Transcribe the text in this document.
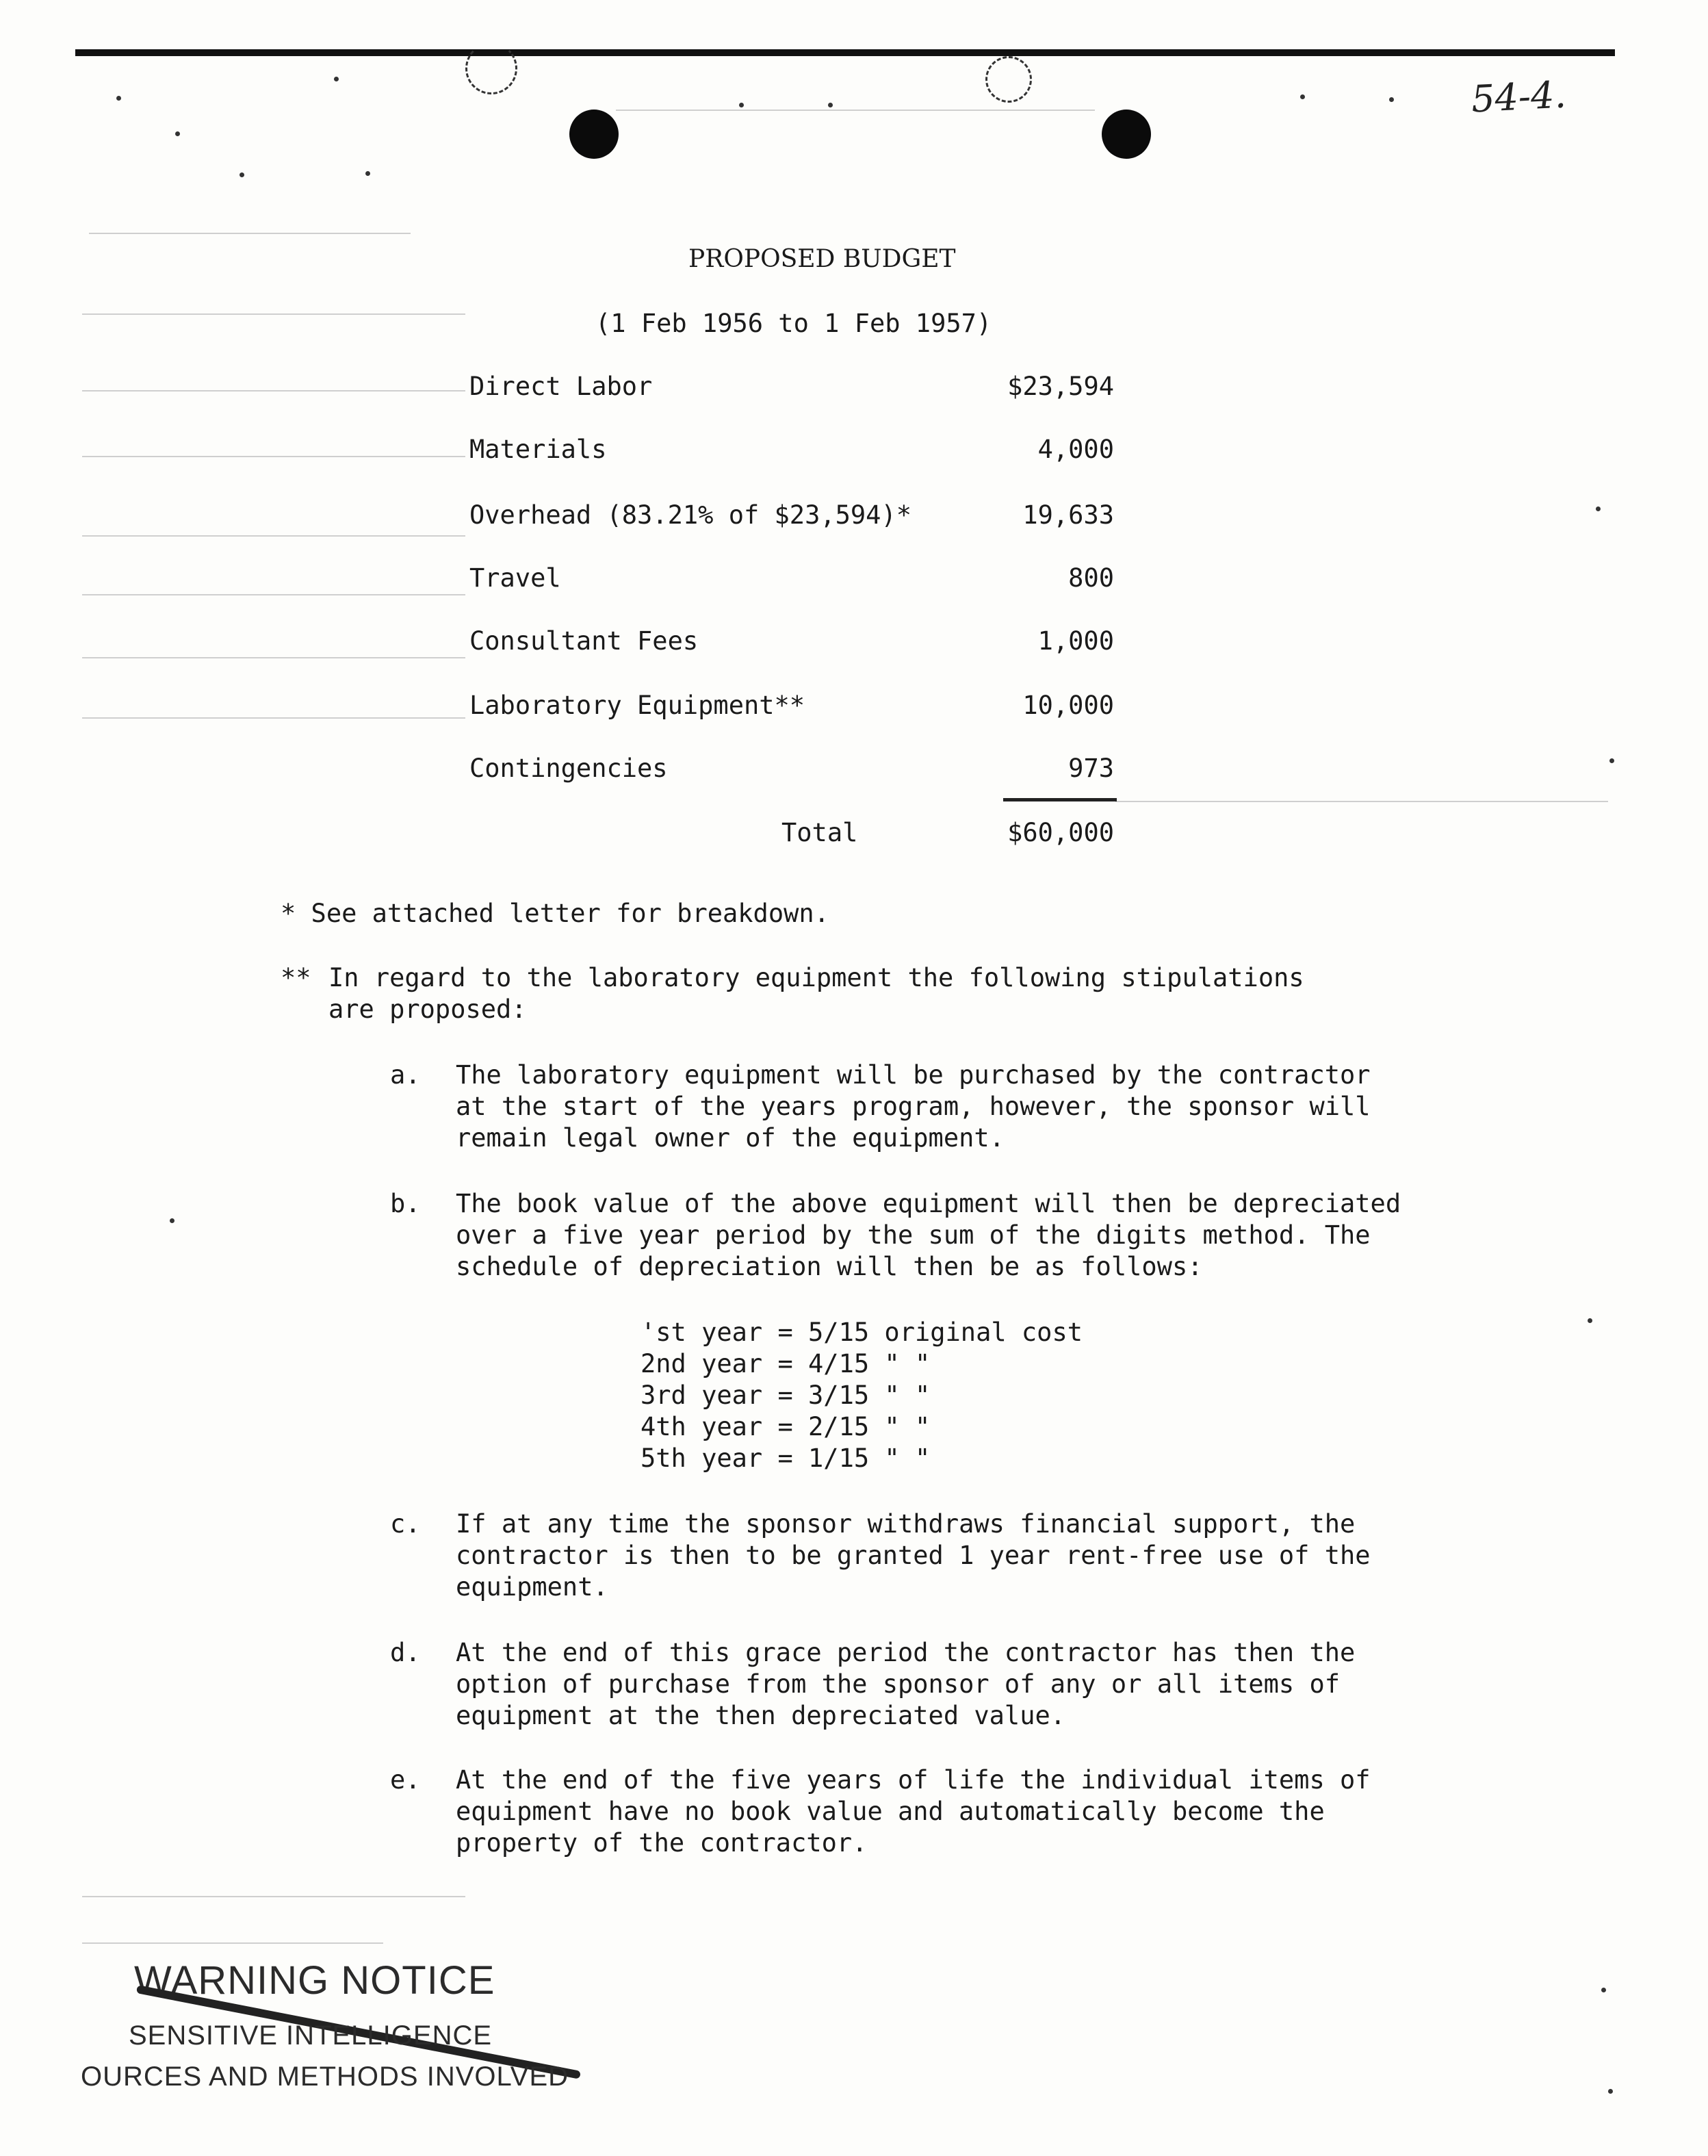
54-4.
PROPOSED BUDGET
(1 Feb 1956 to 1 Feb 1957)
Direct Labor	$23,594
Materials	4,000
Overhead (83.21% of $23,594)*	19,633
Travel	800
Consultant Fees	1,000
Laboratory Equipment**	10,000
Contingencies	973
Total	$60,000
* See attached letter for breakdown.
** In regard to the laboratory equipment the following stipulations
are proposed:
a. The laboratory equipment will be purchased by the contractor
at the start of the years program, however, the sponsor will
remain legal owner of the equipment.
b. The book value of the above equipment will then be depreciated
over a five year period by the sum of the digits method. The
schedule of depreciation will then be as follows:
'st year = 5/15 original cost
2nd year = 4/15 " "
3rd year = 3/15 " "
4th year = 2/15 " "
5th year = 1/15 " "
c. If at any time the sponsor withdraws financial support, the
contractor is then to be granted 1 year rent-free use of the
equipment.
d. At the end of this grace period the contractor has then the
option of purchase from the sponsor of any or all items of
equipment at the then depreciated value.
e. At the end of the five years of life the individual items of
equipment have no book value and automatically become the
property of the contractor.
WARNING NOTICE
SENSITIVE INTELLIGENCE
OURCES AND METHODS INVOLVED
